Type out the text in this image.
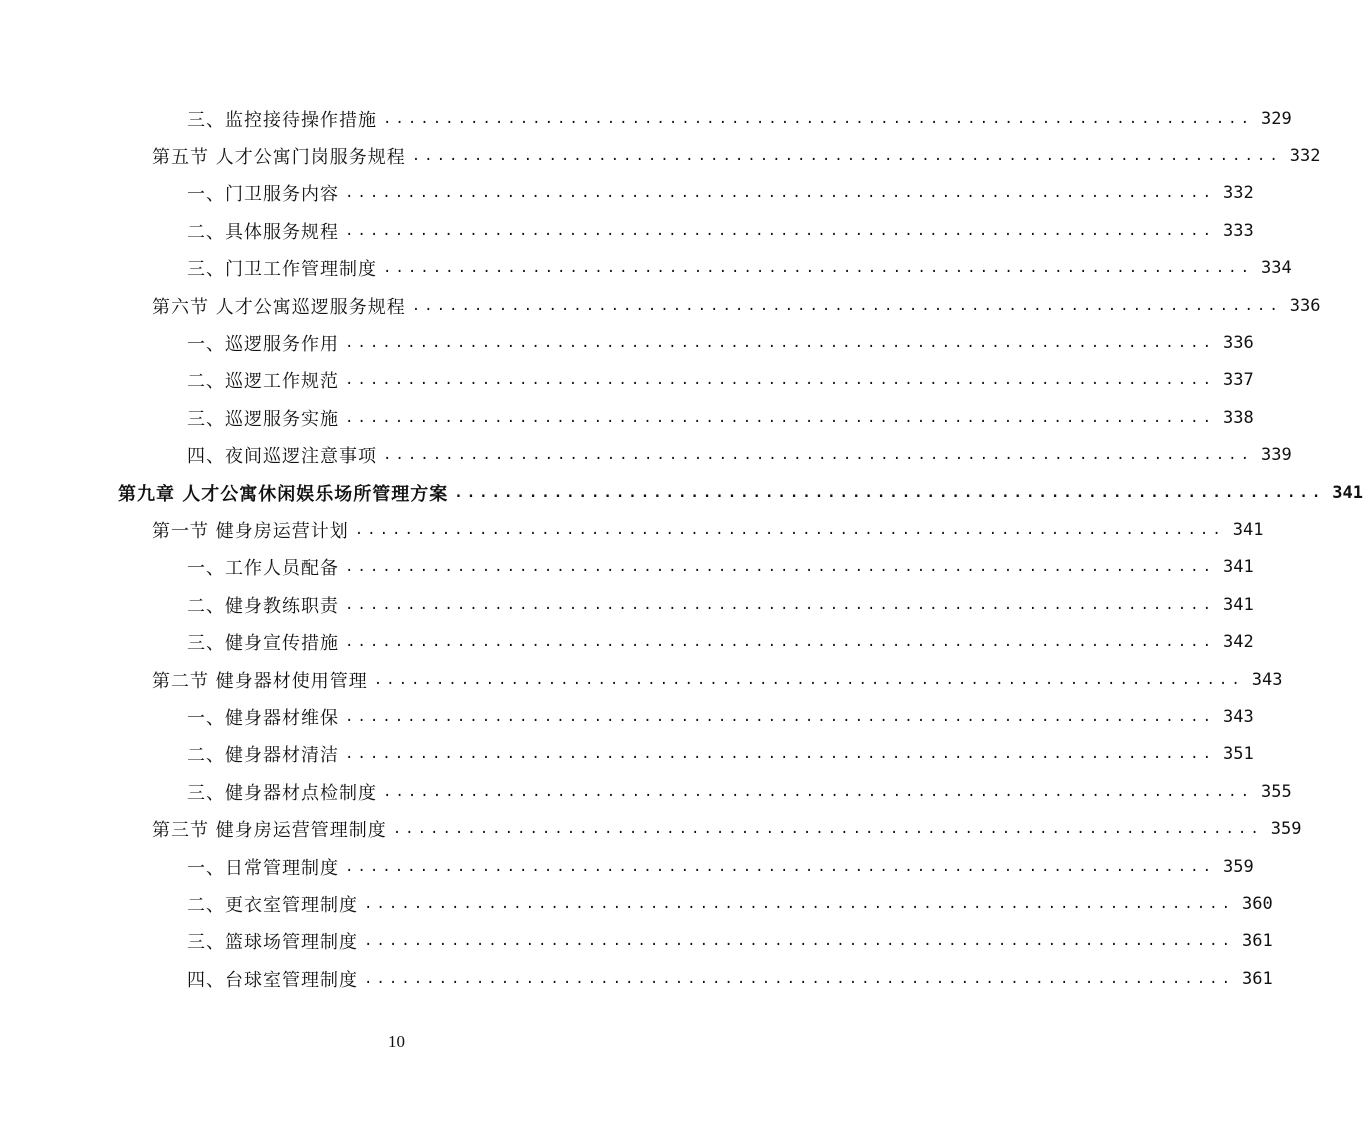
三、监控接待操作措施 ...................................................................... 329
第五节 人才公寓门岗服务规程 ...................................................................... 332
一、门卫服务内容 ...................................................................... 332
二、具体服务规程 ...................................................................... 333
三、门卫工作管理制度 ...................................................................... 334
第六节 人才公寓巡逻服务规程 ...................................................................... 336
一、巡逻服务作用 ...................................................................... 336
二、巡逻工作规范 ...................................................................... 337
三、巡逻服务实施 ...................................................................... 338
四、夜间巡逻注意事项 ...................................................................... 339
第九章 人才公寓休闲娱乐场所管理方案 ...................................................................... 341
第一节 健身房运营计划 ...................................................................... 341
一、工作人员配备 ...................................................................... 341
二、健身教练职责 ...................................................................... 341
三、健身宣传措施 ...................................................................... 342
第二节 健身器材使用管理 ...................................................................... 343
一、健身器材维保 ...................................................................... 343
二、健身器材清洁 ...................................................................... 351
三、健身器材点检制度 ...................................................................... 355
第三节 健身房运营管理制度 ...................................................................... 359
一、日常管理制度 ...................................................................... 359
二、更衣室管理制度 ...................................................................... 360
三、篮球场管理制度 ...................................................................... 361
四、台球室管理制度 ...................................................................... 361
10
